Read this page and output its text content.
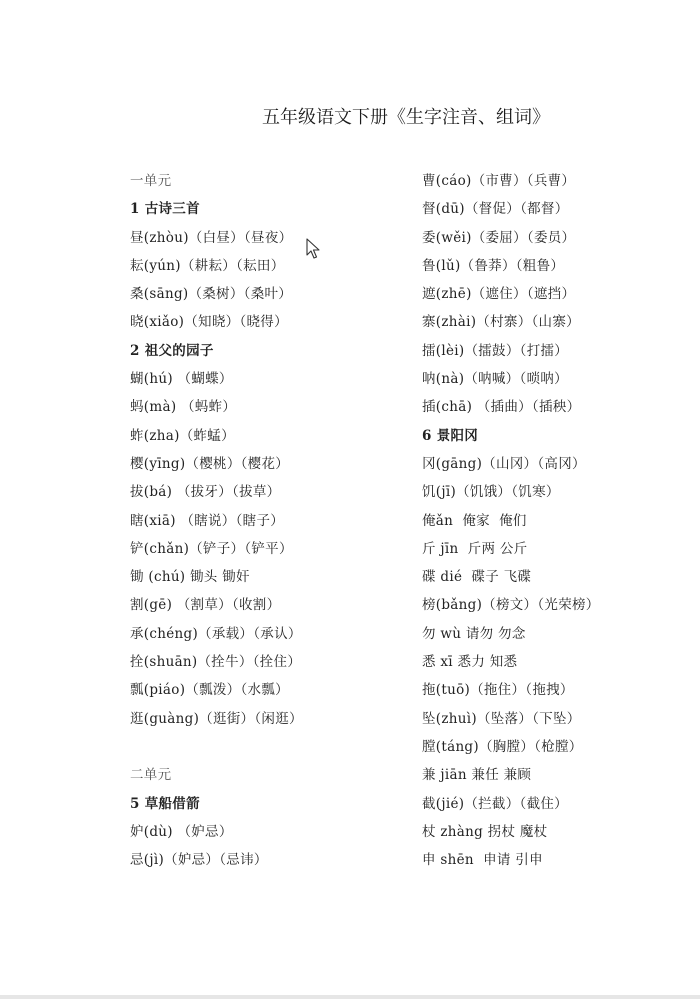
五年级语文下册《生字注音、组词》
一单元
1 古诗三首
昼(zhòu)（白昼）（昼夜）
耘(yún)（耕耘）（耘田）
桑(sāng)（桑树）（桑叶）
晓(xiǎo)（知晓）（晓得）
2 祖父的园子
蝴(hú) （蝴蝶）
蚂(mà) （蚂蚱）
蚱(zha)（蚱蜢）
樱(yīng)（樱桃）（樱花）
拔(bá) （拔牙）（拔草）
瞎(xiā) （瞎说）（瞎子）
铲(chǎn)（铲子）（铲平）
锄 (chú) 锄头 锄奸
割(gē) （割草）（收割）
承(chéng)（承载）（承认）
拴(shuān)（拴牛）（拴住）
瓢(piáo)（瓢泼）（水瓢）
逛(guàng)（逛街）（闲逛）
二单元
5 草船借箭
妒(dù) （妒忌）
忌(jì)（妒忌）（忌讳）
曹(cáo)（市曹）（兵曹）
督(dū)（督促）（都督）
委(wěi)（委屈）（委员）
鲁(lǔ)（鲁莽）（粗鲁）
遮(zhē)（遮住）（遮挡）
寨(zhài)（村寨）（山寨）
擂(lèi)（擂鼓）（打擂）
呐(nà)（呐喊）（唢呐）
插(chā) （插曲）（插秧）
6 景阳冈
冈(gāng)（山冈）（高冈）
饥(jī)（饥饿）（饥寒）
俺ǎn  俺家  俺们
斤 jīn  斤两 公斤
碟 dié  碟子 飞碟
榜(bǎng)（榜文）（光荣榜）
勿 wù 请勿 勿念
悉 xī 悉力 知悉
拖(tuō)（拖住）（拖拽）
坠(zhuì)（坠落）（下坠）
膛(táng)（胸膛）（枪膛）
兼 jiān 兼任 兼顾
截(jié)（拦截）（截住）
杖 zhàng 拐杖 魔杖
申 shēn  申请 引申
